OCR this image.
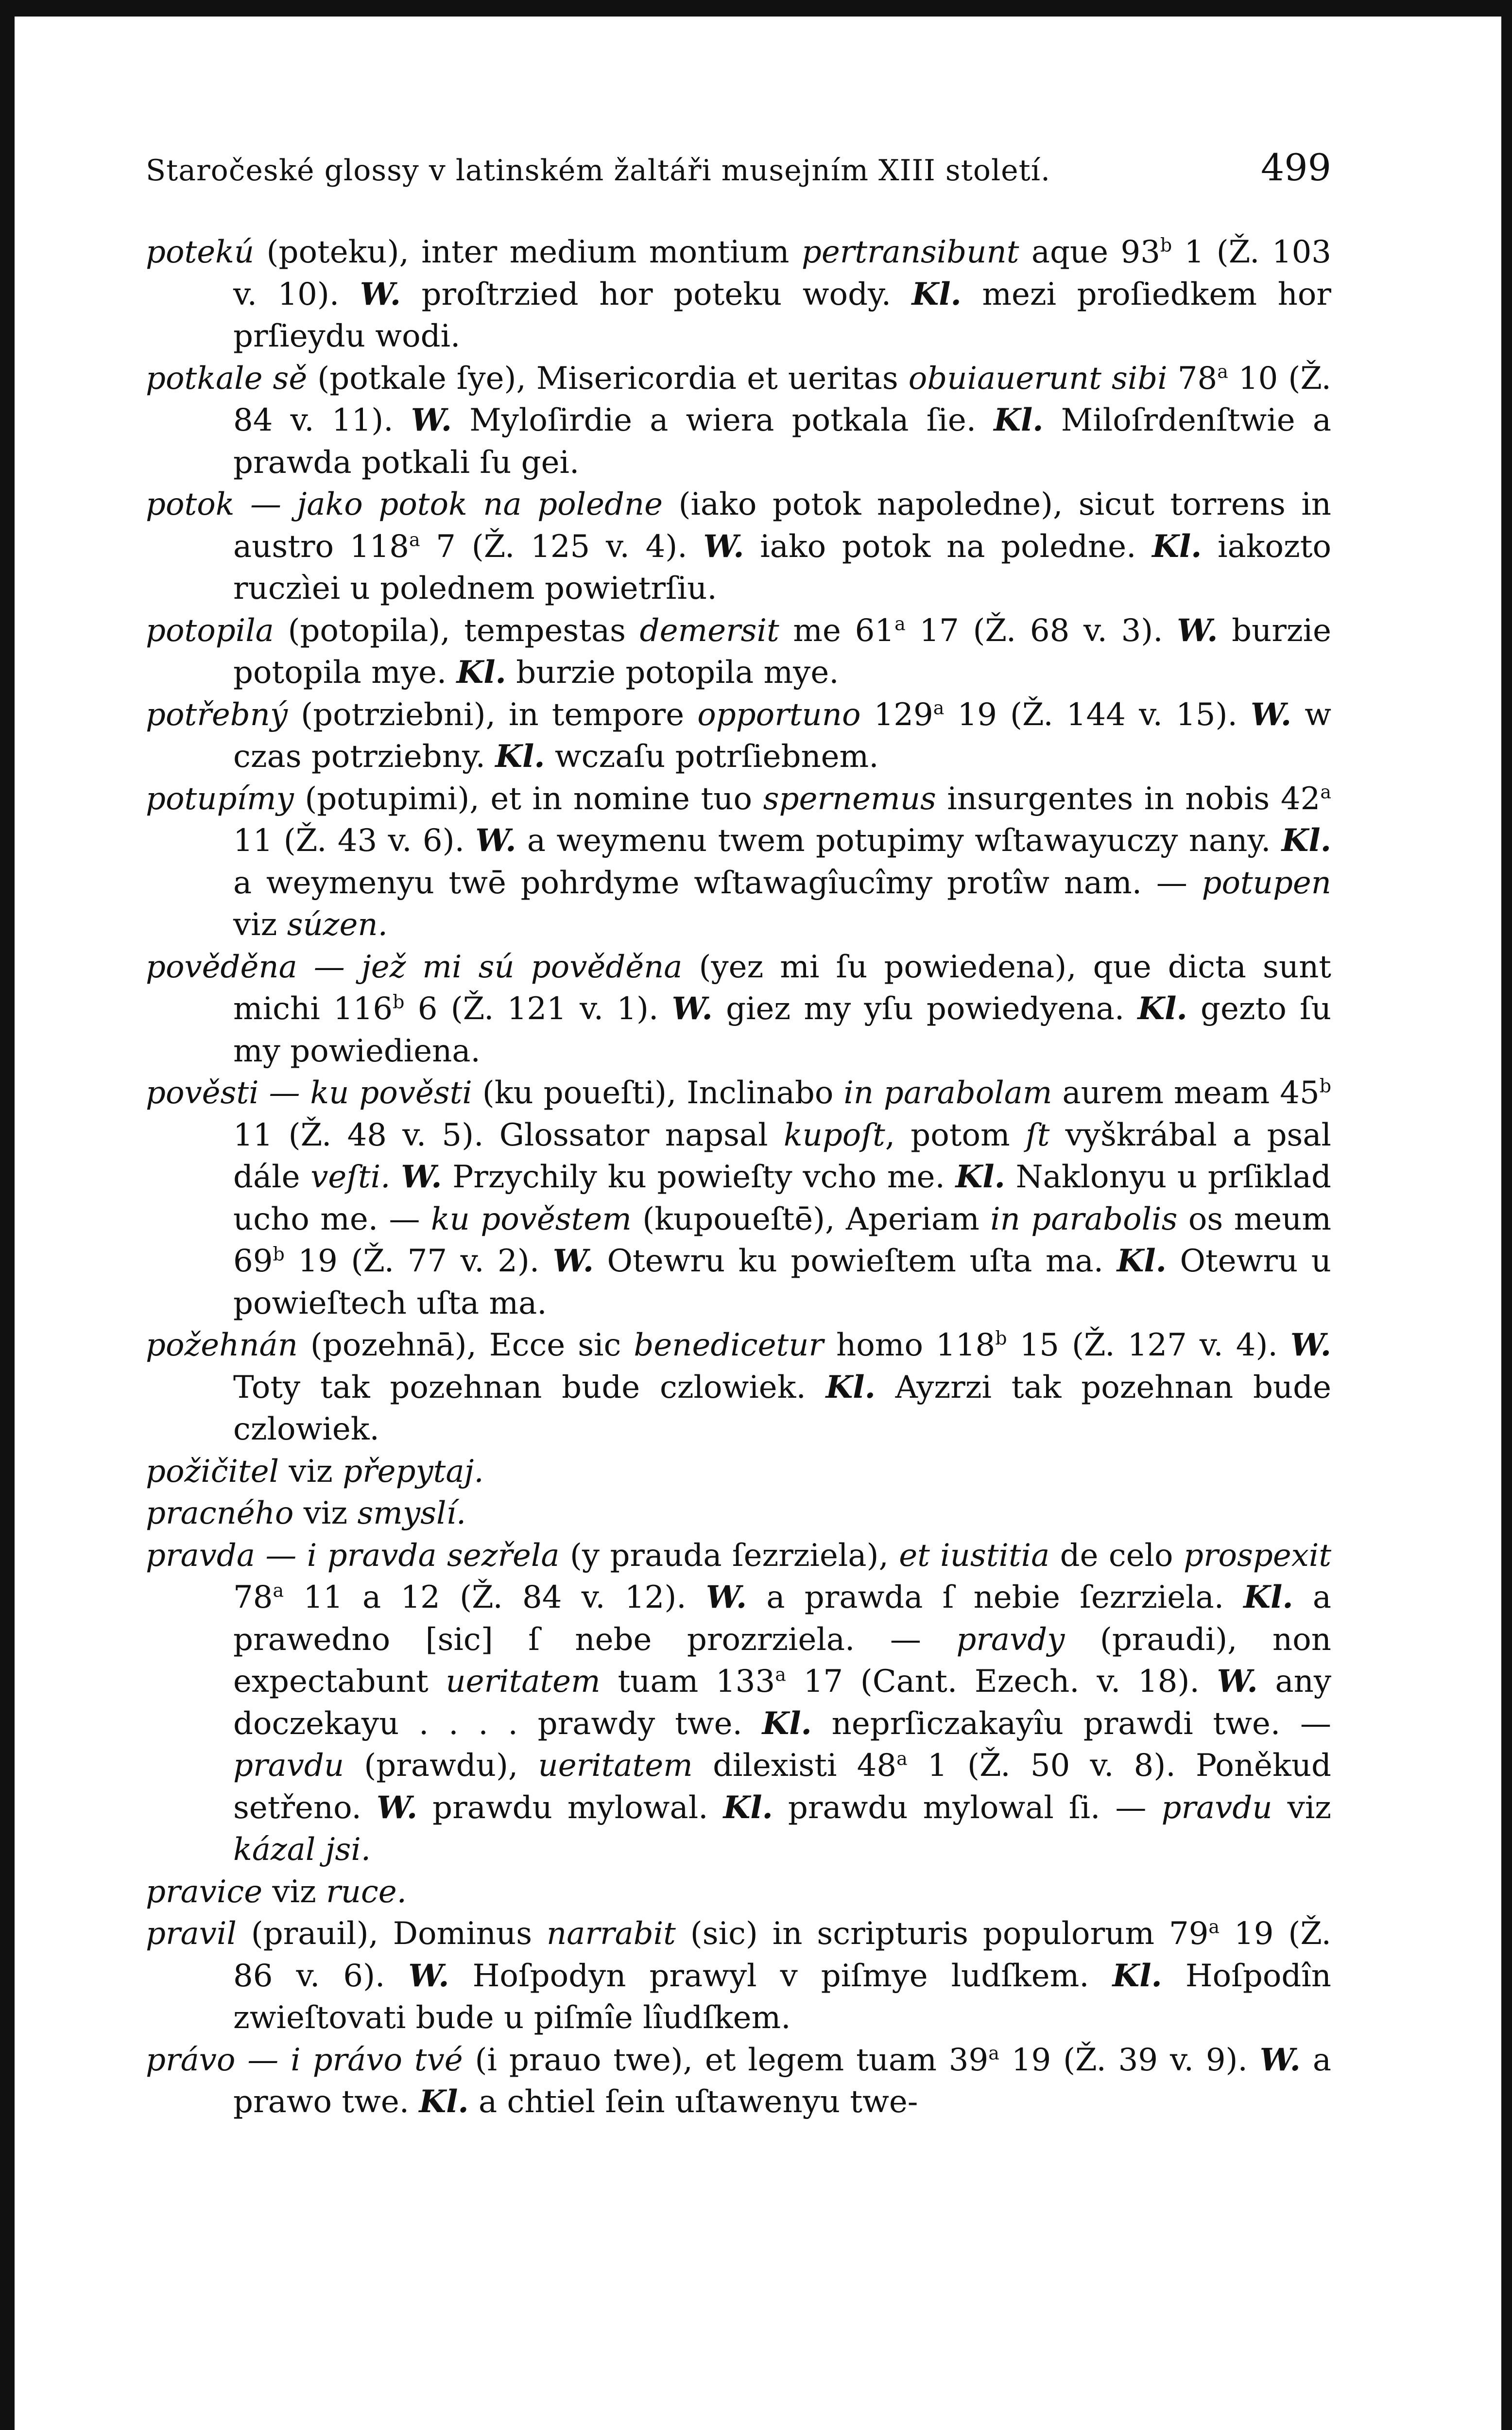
Staročeské glossy v latinském žaltáři musejním XIII století.	499
potekú (poteku), inter medium montium pertransibunt aque 93$^b$ 1 (Ž. 103 v. 10). W. proſtrzied hor poteku wody. Kl. mezi proſiedkem hor prſieydu wodi.
potkale sě (potkale ſye), Misericordia et ueritas obuiauerunt sibi 78$^a$ 10 (Ž. 84 v. 11). W. Myloſirdie a wiera potkala ſie. Kl. Miloſrdenſtwie a prawda potkali ſu gei.
potok — jako potok na poledne (iako potok napoledne), sicut torrens in austro 118$^a$ 7 (Ž. 125 v. 4). W. iako potok na poledne. Kl. iakozto ruczìei u polednem powietrſiu.
potopila (potopila), tempestas demersit me 61$^a$ 17 (Ž. 68 v. 3). W. burzie potopila mye. Kl. burzie potopila mye.
potřebný (potrziebni), in tempore opportuno 129$^a$ 19 (Ž. 144 v. 15). W. w czas potrziebny. Kl. wczaſu potrſiebnem.
potupímy (potupimi), et in nomine tuo spernemus insurgentes in nobis 42$^a$ 11 (Ž. 43 v. 6). W. a weymenu twem potupimy wſtawayuczy nany. Kl. a weymenyu twē pohrdyme wſtawagîucîmy protîw nam. — potupen viz súzen.
pověděna — jež mi sú pověděna (yez mi ſu powiedena), que dicta sunt michi 116$^b$ 6 (Ž. 121 v. 1). W. giez my yſu powiedyena. Kl. gezto ſu my powiediena.
pověsti — ku pověsti (ku poueſti), Inclinabo in parabolam aurem meam 45$^b$ 11 (Ž. 48 v. 5). Glossator napsal kupoſt, potom ſt vyškrábal a psal dále veſti. W. Przychily ku powieſty vcho me. Kl. Naklonyu u prſiklad ucho me. — ku pověstem (kupoueſtē), Aperiam in parabolis os meum 69$^b$ 19 (Ž. 77 v. 2). W. Otewru ku powieſtem uſta ma. Kl. Otewru u powieſtech uſta ma.
požehnán (pozehnā), Ecce sic benedicetur homo 118$^b$ 15 (Ž. 127 v. 4). W. Toty tak pozehnan bude czlowiek. Kl. Ayzrzi tak pozehnan bude czlowiek.
požičitel viz přepytaj.
pracného viz smyslí.
pravda — i pravda sezřela (y prauda ſezrziela), et iustitia de celo prospexit 78$^a$ 11 a 12 (Ž. 84 v. 12). W. a prawda ſ nebie ſezrziela. Kl. a prawedno [sic] ſ nebe prozrziela. — pravdy (praudi), non expectabunt ueritatem tuam 133$^a$ 17 (Cant. Ezech. v. 18). W. any doczekayu . . . . prawdy twe. Kl. neprſiczakayîu prawdi twe. — pravdu (prawdu), ueritatem dilexisti 48$^a$ 1 (Ž. 50 v. 8). Poněkud setřeno. W. prawdu mylowal. Kl. prawdu mylowal ſi. — pravdu viz kázal jsi.
pravice viz ruce.
pravil (prauil), Dominus narrabit (sic) in scripturis populorum 79$^a$ 19 (Ž. 86 v. 6). W. Hoſpodyn prawyl v piſmye ludſkem. Kl. Hoſpodîn zwieſtovati bude u piſmîe lîudſkem.
právo — i právo tvé (i prauo twe), et legem tuam 39$^a$ 19 (Ž. 39 v. 9). W. a prawo twe. Kl. a chtiel ſein uſtawenyu twe-
